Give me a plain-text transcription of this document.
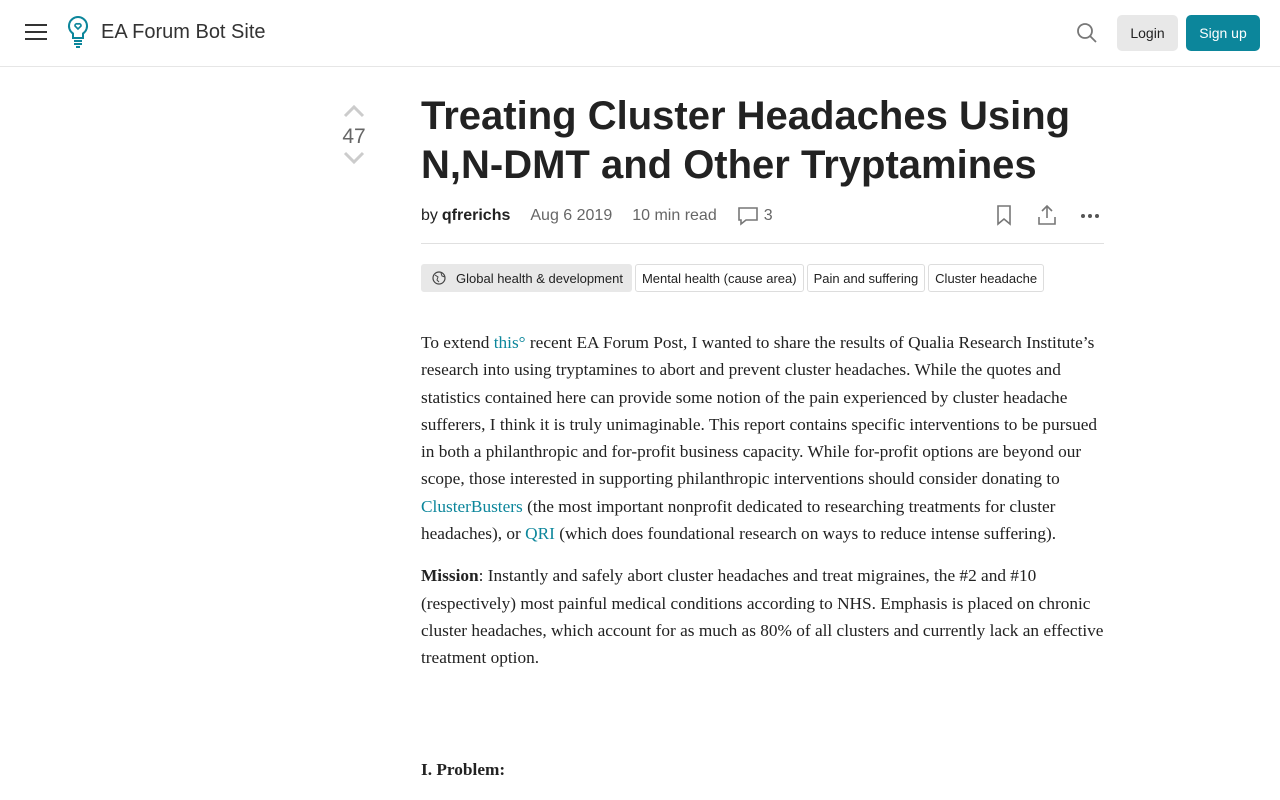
EA Forum Bot Site	Login	Sign up
47 Treating Cluster Headaches Using N,N-DMT and Other Tryptamines
by qfrerichs Aug 6 2019 10 min read	3
Global health & development	Mental health (cause area)	Pain and suffering	Cluster headache

To extend this° recent EA Forum Post, I wanted to share the results of Qualia Research Institute’s research into using tryptamines to abort and prevent cluster headaches. While the quotes and statistics contained here can provide some notion of the pain experienced by cluster headache sufferers, I think it is truly unimaginable. This report contains specific interventions to be pursued in both a philanthropic and for-profit business capacity. While for-profit options are beyond our scope, those interested in supporting philanthropic interventions should consider donating to ClusterBusters (the most important nonprofit dedicated to researching treatments for cluster headaches), or QRI (which does foundational research on ways to reduce intense suffering).

Mission: Instantly and safely abort cluster headaches and treat migraines, the #2 and #10 (respectively) most painful medical conditions according to NHS. Emphasis is placed on chronic cluster headaches, which account for as much as 80% of all clusters and currently lack an effective treatment option.

I. Problem:
